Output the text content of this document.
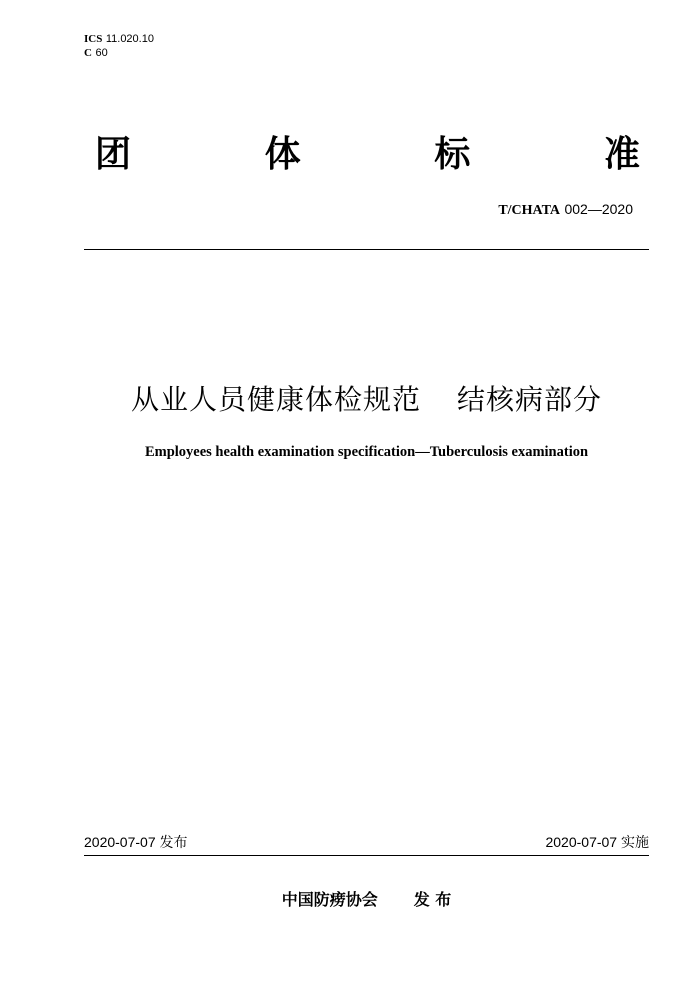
ICS 11.020.10
C 60
团	体	标	准
T/CHATA 002—2020
从业人员健康体检规范 结核病部分
Employees health examination specification—Tuberculosis examination
2020-07-07 发布	2020-07-07 实施
中国防痨协会 发 布
